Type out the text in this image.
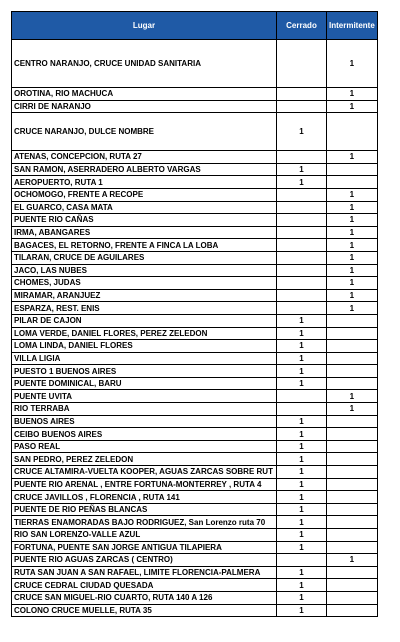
Lugar	Cerrado	Intermitente
CENTRO NARANJO, CRUCE UNIDAD SANITARIA		1
OROTINA, RIO MACHUCA		1
CIRRI DE NARANJO		1
CRUCE NARANJO, DULCE NOMBRE	1	
ATENAS, CONCEPCION, RUTA 27		1
SAN RAMON, ASERRADERO ALBERTO VARGAS	1	
AEROPUERTO, RUTA 1	1	
OCHOMOGO, FRENTE A RECOPE		1
EL GUARCO, CASA MATA		1
PUENTE RIO CAÑAS		1
IRMA, ABANGARES		1
BAGACES, EL RETORNO, FRENTE A FINCA LA LOBA		1
TILARAN, CRUCE DE AGUILARES		1
JACO, LAS NUBES		1
CHOMES, JUDAS		1
MIRAMAR, ARANJUEZ		1
ESPARZA, REST. ENIS		1
PILAR DE CAJON	1	
LOMA VERDE, DANIEL FLORES, PEREZ ZELEDON	1	
LOMA LINDA, DANIEL FLORES	1	
VILLA LIGIA	1	
PUESTO 1 BUENOS AIRES	1	
PUENTE DOMINICAL, BARU	1	
PUENTE UVITA		1
RIO TERRABA		1
BUENOS AIRES	1	
CEIBO BUENOS AIRES	1	
PASO REAL	1	
SAN PEDRO, PEREZ ZELEDON	1	
CRUCE ALTAMIRA-VUELTA KOOPER, AGUAS ZARCAS SOBRE RUT	1	
PUENTE RIO ARENAL , ENTRE FORTUNA-MONTERREY , RUTA 4	1	
CRUCE JAVILLOS , FLORENCIA , RUTA 141	1	
PUENTE DE RIO PEÑAS BLANCAS	1	
TIERRAS ENAMORADAS BAJO RODRIGUEZ, San Lorenzo ruta 70	1	
RIO SAN LORENZO-VALLE AZUL	1	
FORTUNA, PUENTE SAN JORGE ANTIGUA TILAPIERA	1	
PUENTE RIO AGUAS ZARCAS ( CENTRO)		1
RUTA SAN JUAN A SAN RAFAEL, LIMITE FLORENCIA-PALMERA	1	
CRUCE CEDRAL CIUDAD QUESADA	1	
CRUCE SAN MIGUEL-RIO CUARTO, RUTA 140 A 126	1	
COLONO CRUCE MUELLE, RUTA 35	1	
